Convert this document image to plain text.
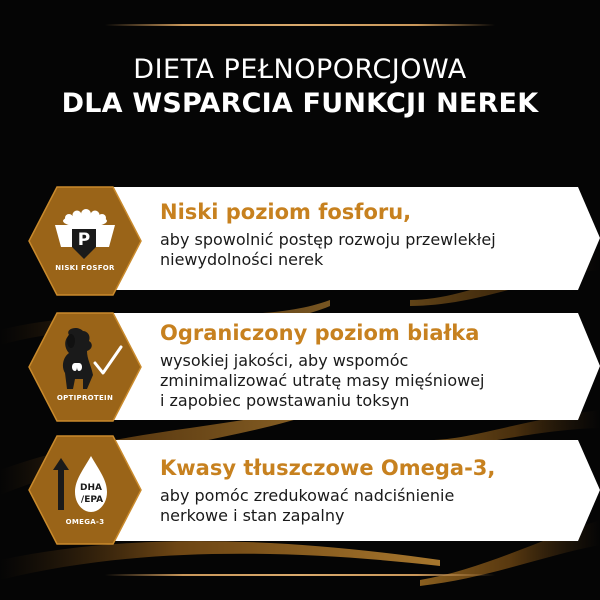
DIETA PEŁNOPORCJOWA
DLA WSPARCIA FUNKCJI NEREK
Niski poziom fosforu,
aby spowolnić postęp rozwoju przewlekłej
niewydolności nerek
Ograniczony poziom białka
wysokiej jakości, aby wspomóc
zminimalizować utratę masy mięśniowej
i zapobiec powstawaniu toksyn
Kwasy tłuszczowe Omega-3,
aby pomóc zredukować nadciśnienie
nerkowe i stan zapalny
P
NISKI FOSFOR
OPTIPROTEIN
DHA
/EPA
OMEGA-3
